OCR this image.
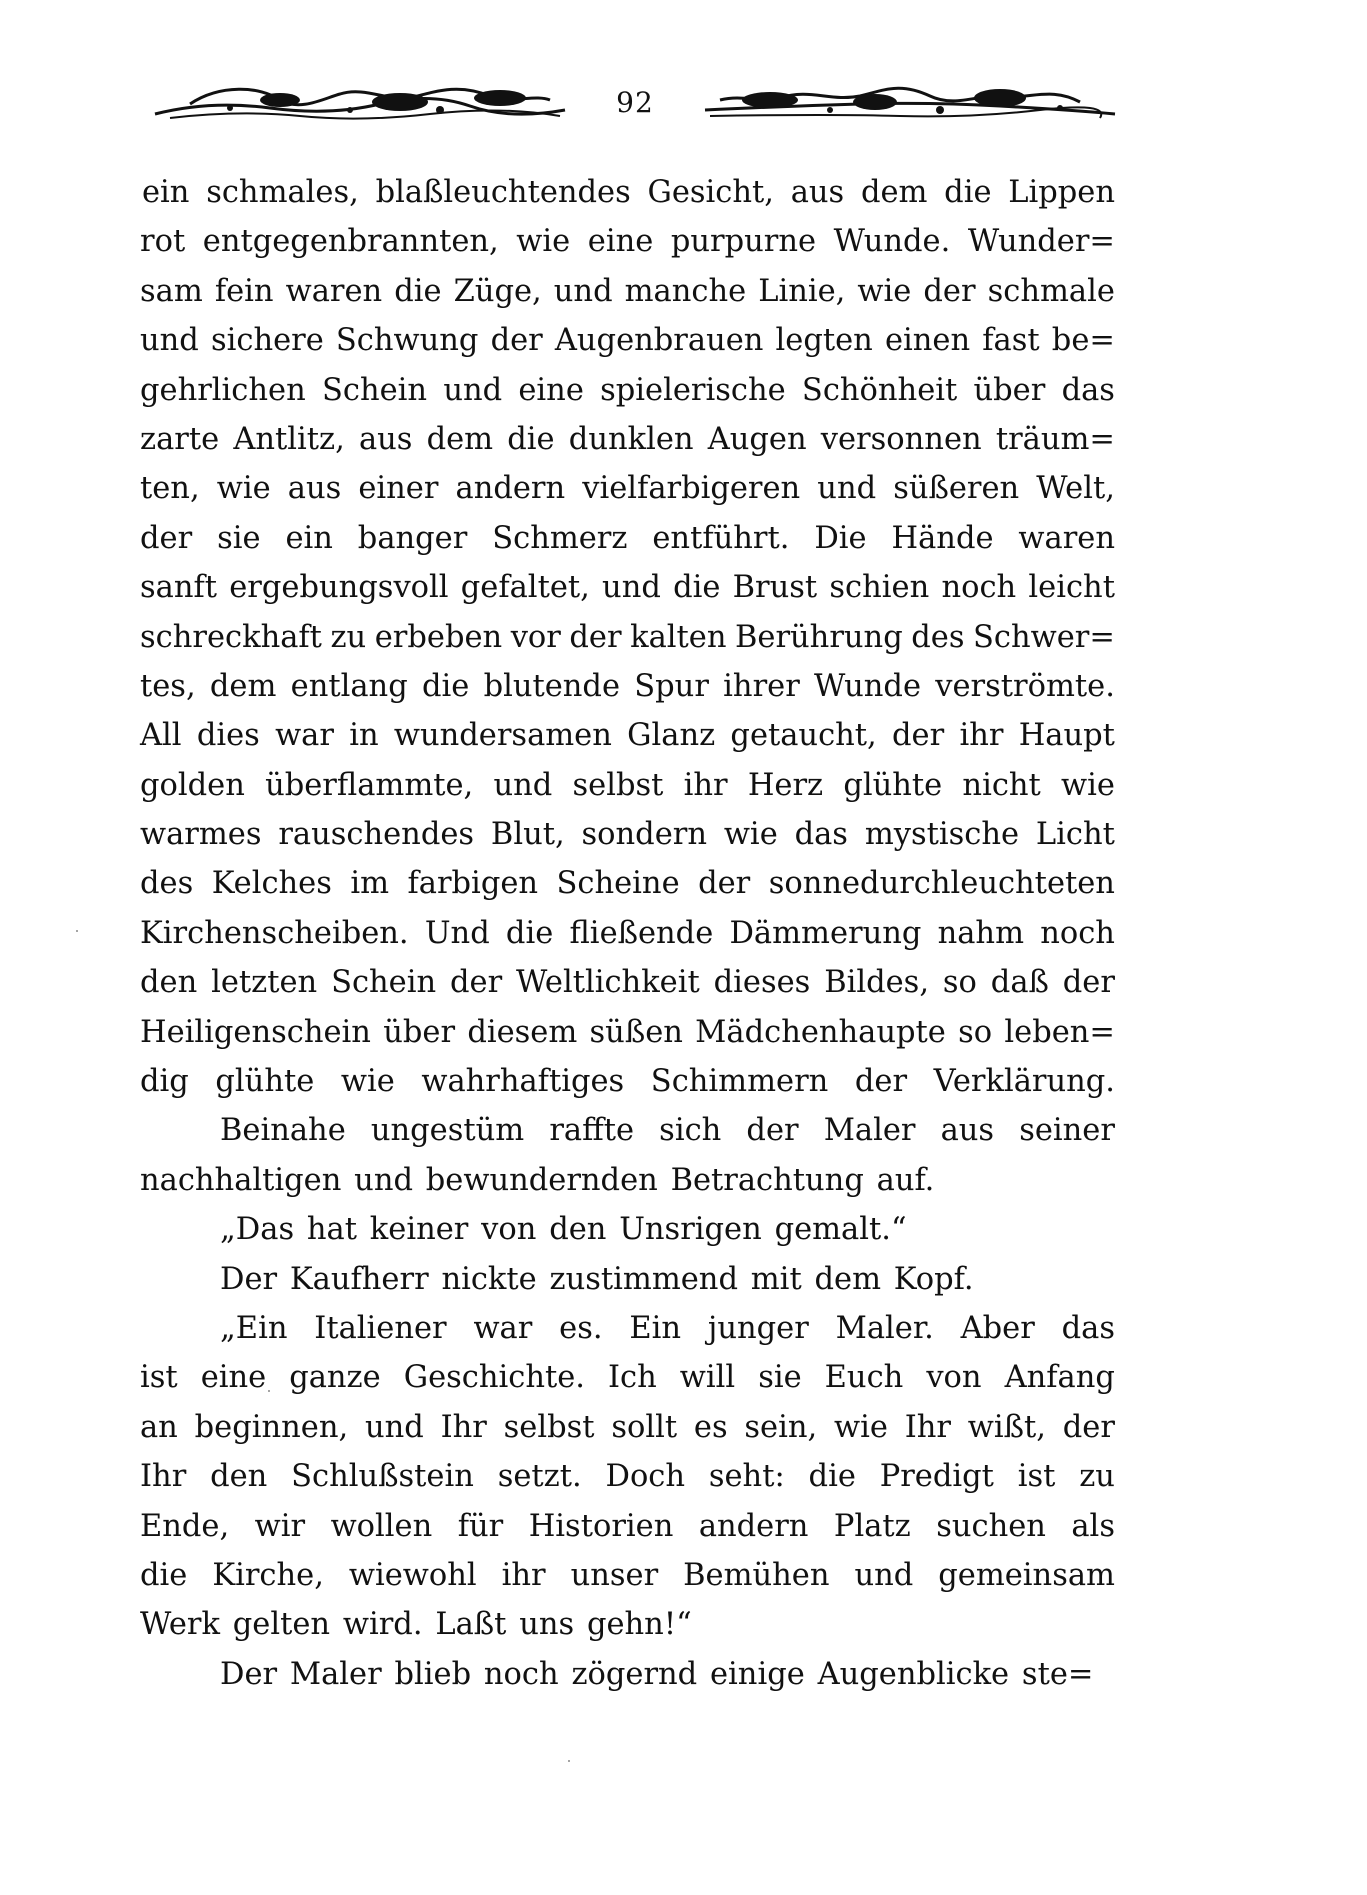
92
ein schmales, blaßleuchtendes Gesicht, aus dem die Lippen
rot entgegenbrannten, wie eine purpurne Wunde. Wunder=
sam fein waren die Züge, und manche Linie, wie der schmale
und sichere Schwung der Augenbrauen legten einen fast be=
gehrlichen Schein und eine spielerische Schönheit über das
zarte Antlitz, aus dem die dunklen Augen versonnen träum=
ten, wie aus einer andern vielfarbigeren und süßeren Welt,
der sie ein banger Schmerz entführt. Die Hände waren
sanft ergebungsvoll gefaltet, und die Brust schien noch leicht
schreckhaft zu erbeben vor der kalten Berührung des Schwer=
tes, dem entlang die blutende Spur ihrer Wunde verströmte.
All dies war in wundersamen Glanz getaucht, der ihr Haupt
golden überflammte, und selbst ihr Herz glühte nicht wie
warmes rauschendes Blut, sondern wie das mystische Licht
des Kelches im farbigen Scheine der sonnedurchleuchteten
Kirchenscheiben. Und die fließende Dämmerung nahm noch
den letzten Schein der Weltlichkeit dieses Bildes, so daß der
Heiligenschein über diesem süßen Mädchenhaupte so leben=
dig glühte wie wahrhaftiges Schimmern der Verklärung.
Beinahe ungestüm raffte sich der Maler aus seiner
nachhaltigen und bewundernden Betrachtung auf.
„Das hat keiner von den Unsrigen gemalt.“
Der Kaufherr nickte zustimmend mit dem Kopf.
„Ein Italiener war es. Ein junger Maler. Aber das
ist eine ganze Geschichte. Ich will sie Euch von Anfang
an beginnen, und Ihr selbst sollt es sein, wie Ihr wißt, der
Ihr den Schlußstein setzt. Doch seht: die Predigt ist zu
Ende, wir wollen für Historien andern Platz suchen als
die Kirche, wiewohl ihr unser Bemühen und gemeinsam
Werk gelten wird. Laßt uns gehn!“
Der Maler blieb noch zögernd einige Augenblicke ste=
